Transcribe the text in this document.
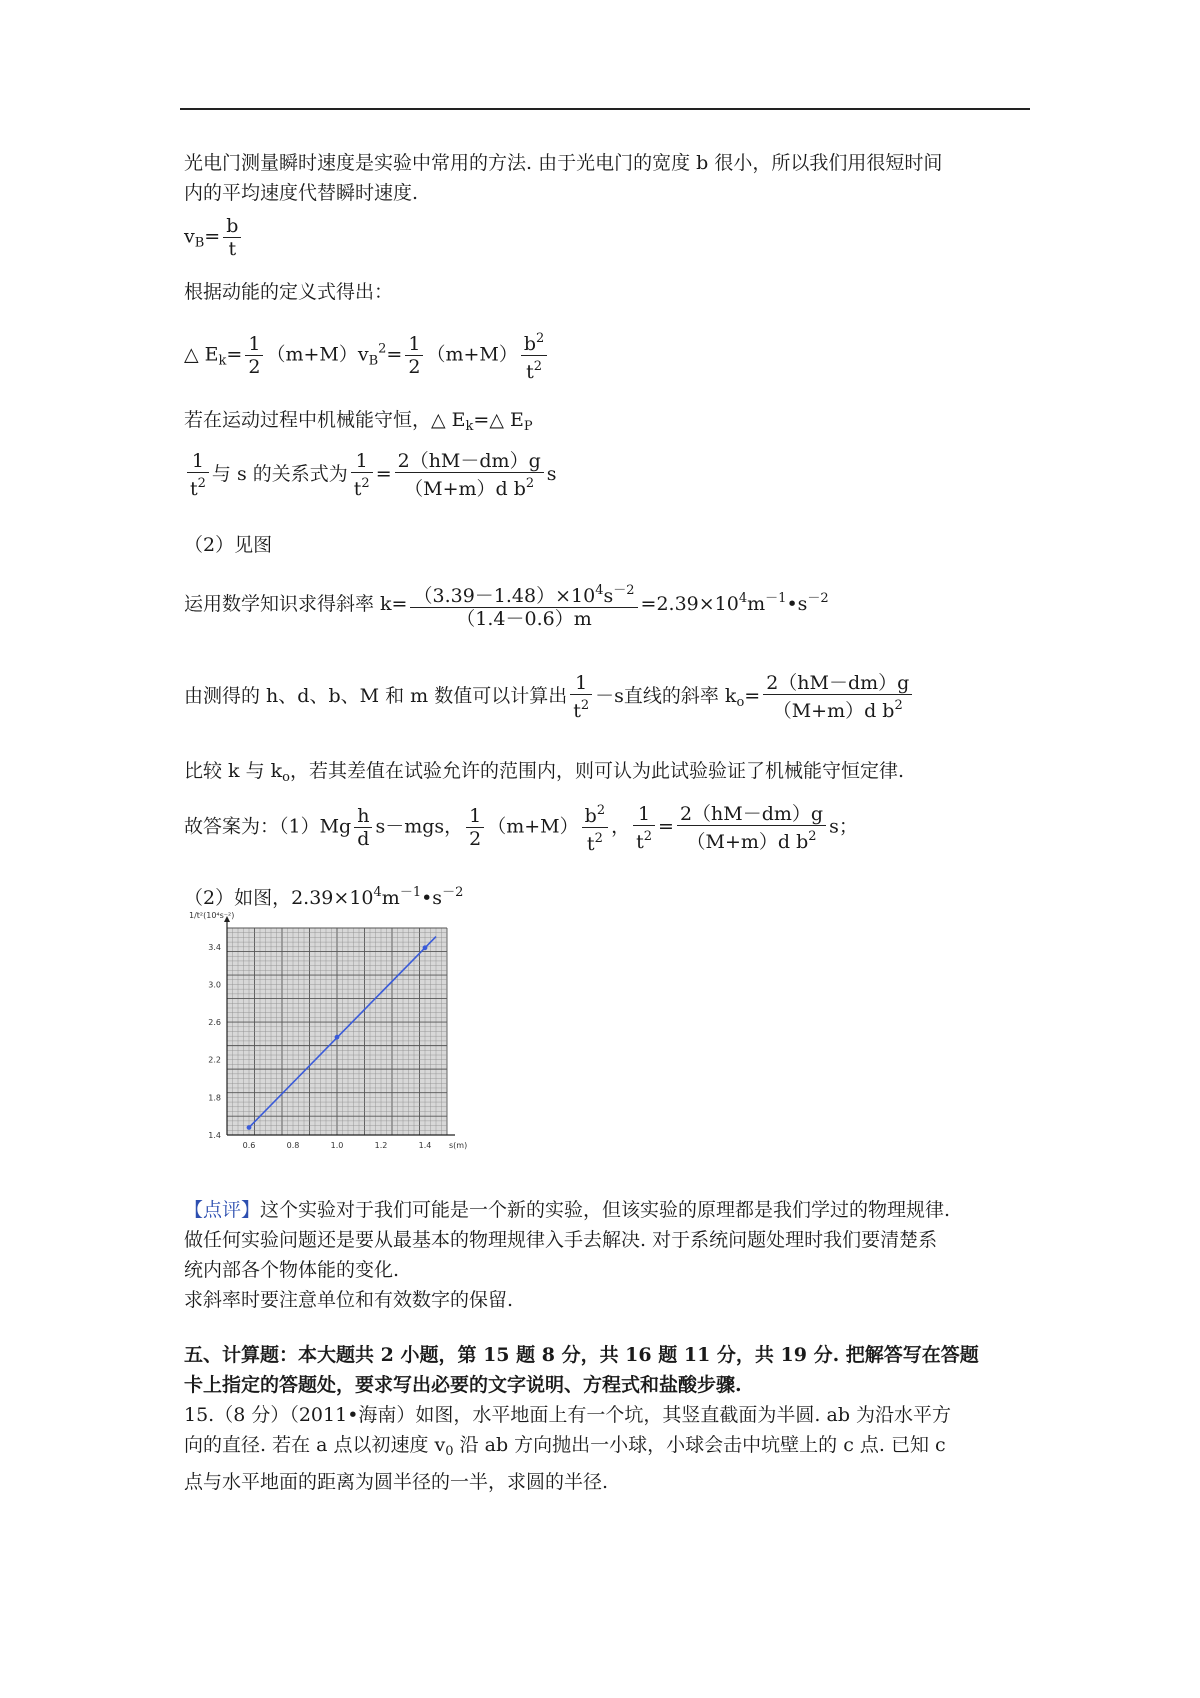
光电门测量瞬时速度是实验中常用的方法. 由于光电门的宽度 b 很小，所以我们用很短时间
内的平均速度代替瞬时速度.
$v_B= \frac{b}{t}$
根据动能的定义式得出：
△ $E_k= \frac{1}{2} (m+M)v_B^2= \frac{1}{2} (m+M) \frac{b^2}{t^2}$
若在运动过程中机械能守恒，△ $E_k=\triangle$ $E_P$
$\frac{1}{t^2}$ 与 s 的关系式为 $\frac{1}{t^2} = \frac{2(hM-dm)g}{(M+m)d b^2}$ s
（2）见图
运用数学知识求得斜率 $k= \frac{(3.39-1.48)\times 10^4s^{-2}}{(1.4-0.6)m}$ $=2.39\times 10^4m^{-1}•s^{-2}$
由测得的 h、d、b、M 和 m 数值可以计算出 $\frac{1}{t^2} -s$直线的斜率 $k_o= \frac{2(hM-dm)g}{(M+m)d b^2}$
比较 k 与 $k_o$，若其差值在试验允许的范围内，则可认为此试验验证了机械能守恒定律.
故答案为：$(1)Mg \frac{h}{d} s-mgs$， $\frac{1}{2} (m+M) \frac{b^2}{t^2}$ ， $\frac{1}{t^2} = \frac{2(hM-dm)g}{(M+m)d b^2}$ s；
（2）如图，$2.39\times 10^4m^{-1}•s^{-2}$
0.6	0.8	1.0	1.2	1.4
1.4
1.8
2.2
2.6
3.0
3.4
1/t²(10⁴s⁻²)
s(m)
【点评】这个实验对于我们可能是一个新的实验，但该实验的原理都是我们学过的物理规律.
做任何实验问题还是要从最基本的物理规律入手去解决. 对于系统问题处理时我们要清楚系
统内部各个物体能的变化.
求斜率时要注意单位和有效数字的保留.
五、计算题：本大题共 2 小题，第 15 题 8 分，共 16 题 11 分，共 19 分. 把解答写在答题
卡上指定的答题处，要求写出必要的文字说明、方程式和盐酸步骤.
15.（8 分）（2011•海南）如图，水平地面上有一个坑，其竖直截面为半圆. ab 为沿水平方
向的直径. 若在 a 点以初速度 $v_0$ 沿 ab 方向抛出一小球，小球会击中坑壁上的 c 点. 已知 c
点与水平地面的距离为圆半径的一半，求圆的半径.
